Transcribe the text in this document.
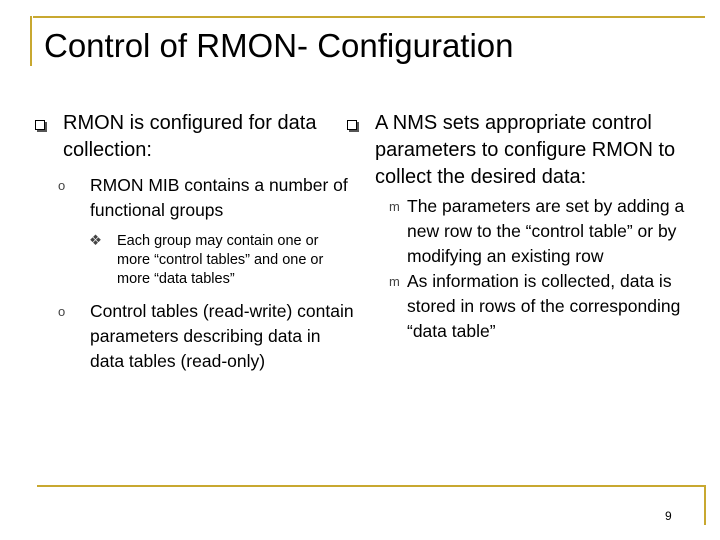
Control of RMON- Configuration
RMON is configured for data collection:
o RMON MIB contains a number of functional groups
❖ Each group may contain one or more “control tables” and one or more “data tables”
o Control tables (read-write) contain parameters describing data in data tables (read-only)
A NMS sets appropriate control parameters to configure RMON to collect the desired data:
m The parameters are set by adding a new row to the “control table” or by modifying an existing row
m As information is collected, data is stored in rows of the corresponding “data table”
9
